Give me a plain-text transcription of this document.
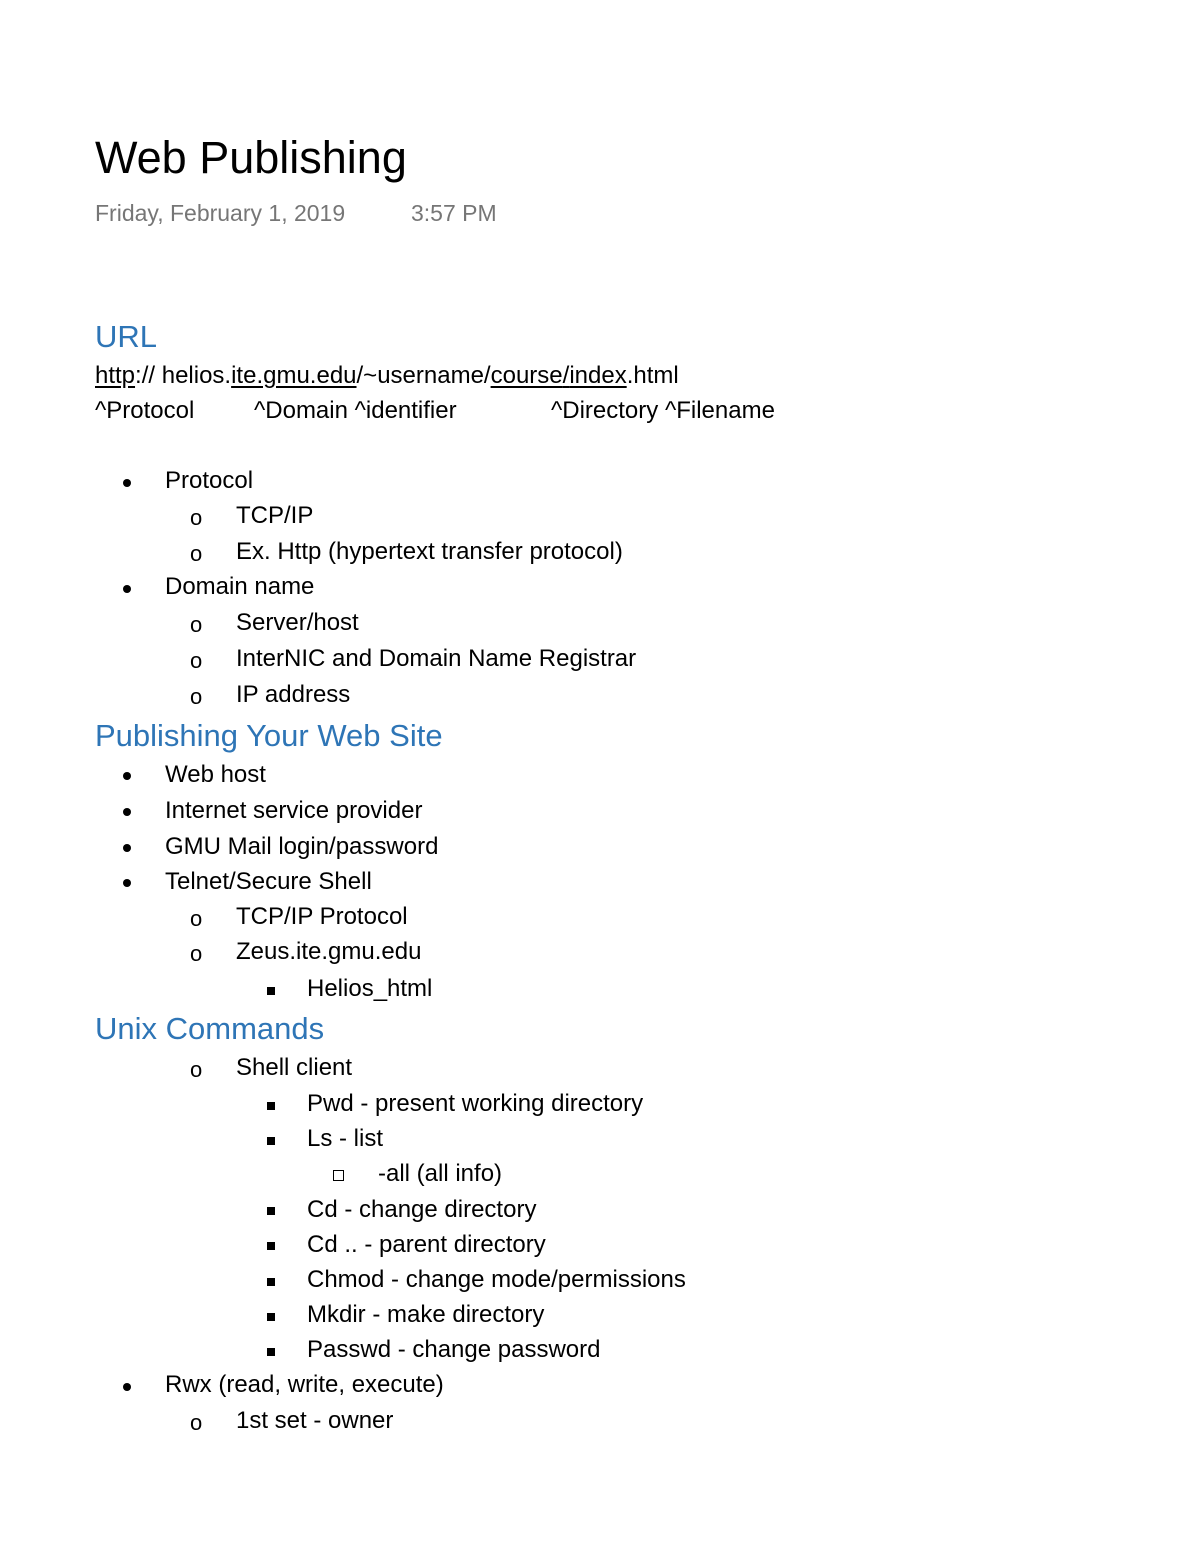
Web Publishing
Friday, February 1, 2019	3:57 PM
URL
http:// helios.ite.gmu.edu/~username/course/index.html
^Protocol ^Domain ^identifier	^Directory ^Filename
Protocol
o TCP/IP
o Ex. Http (hypertext transfer protocol)
Domain name
o Server/host
o InterNIC and Domain Name Registrar
o IP address
Publishing Your Web Site
Web host
Internet service provider
GMU Mail login/password
Telnet/Secure Shell
o TCP/IP Protocol
o Zeus.ite.gmu.edu
Helios_html
Unix Commands
o Shell client
Pwd - present working directory
Ls - list
-all (all info)
Cd - change directory
Cd .. - parent directory
Chmod - change mode/permissions
Mkdir - make directory
Passwd - change password
Rwx (read, write, execute)
o 1st set - owner
